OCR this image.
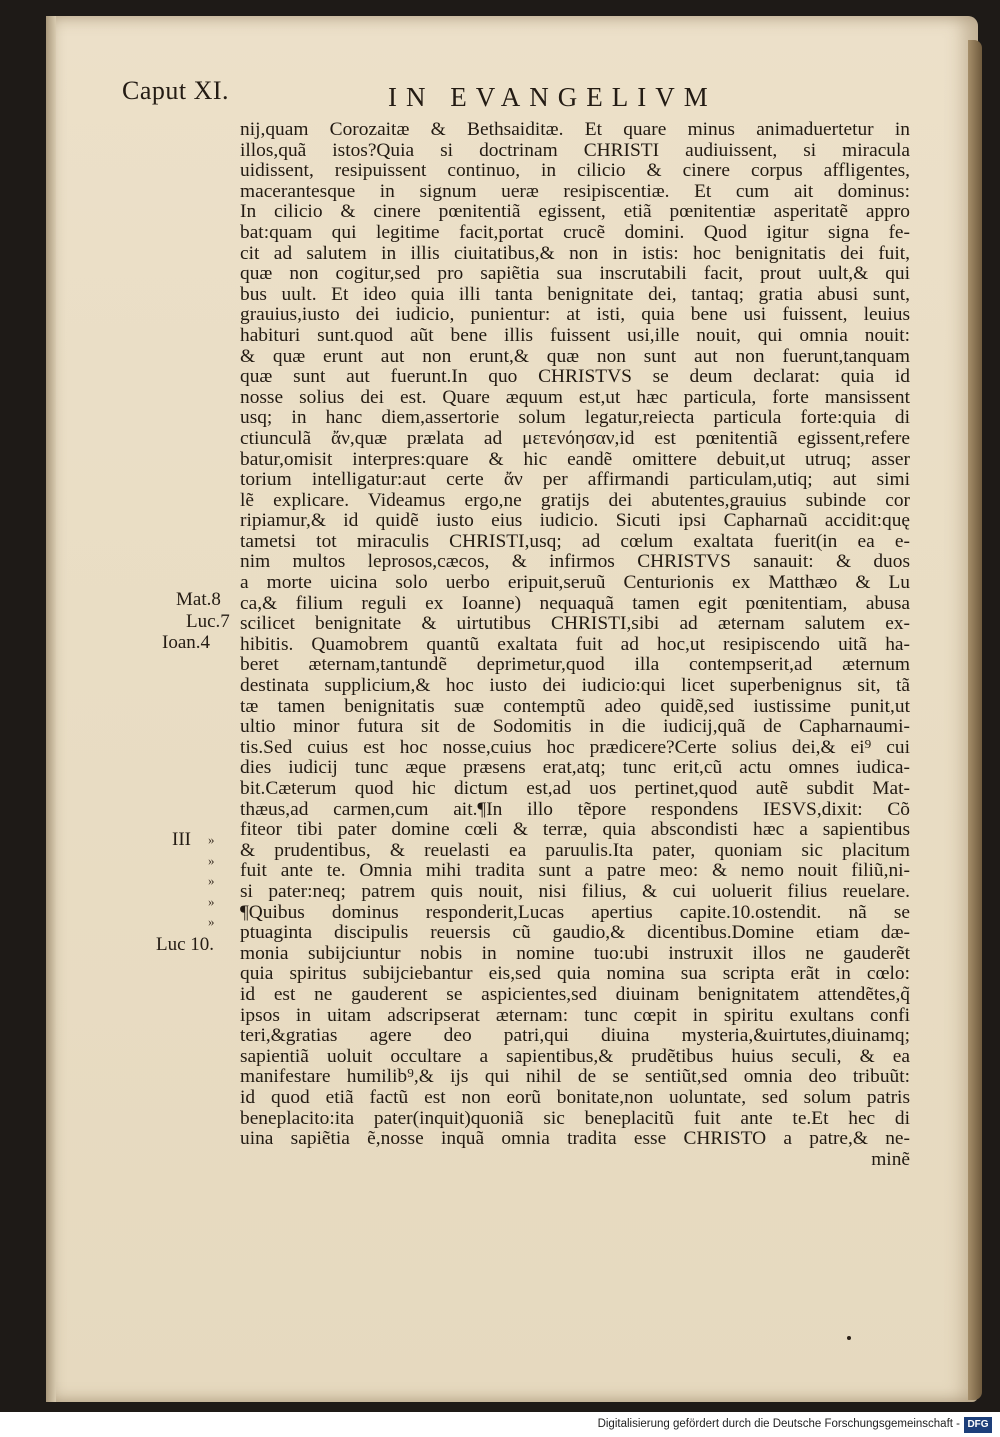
Caput XI.	IN EVANGELIVM
nij,quam Corozaitæ & Bethsaiditæ. Et quare minus animaduertetur in
illos,quã istos?Quia si doctrinam CHRISTI audiuissent, si miracula
uidissent, resipuissent continuo, in cilicio & cinere corpus affligentes,
macerantesque in signum ueræ resipiscentiæ. Et cum ait dominus:
In cilicio & cinere pœnitentiã egissent, etiã pœnitentiæ asperitatẽ appro
bat:quam qui legitime facit,portat crucẽ domini. Quod igitur signa fe-
cit ad salutem in illis ciuitatibus,& non in istis: hoc benignitatis dei fuit,
quæ non cogitur,sed pro sapiẽtia sua inscrutabili facit, prout uult,& qui
bus uult. Et ideo quia illi tanta benignitate dei, tantaq; gratia abusi sunt,
grauius,iusto dei iudicio, punientur: at isti, quia bene usi fuissent, leuius
habituri sunt.quod aũt bene illis fuissent usi,ille nouit, qui omnia nouit:
& quæ erunt aut non erunt,& quæ non sunt aut non fuerunt,tanquam
quæ sunt aut fuerunt.In quo CHRISTVS se deum declarat: quia id
nosse solius dei est. Quare æquum est,ut hæc particula, forte mansissent
usq; in hanc diem,assertorie solum legatur,reiecta particula forte:quia di
ctiunculã ἄν,quæ prælata ad μετενόησαν,id est pœnitentiã egissent,refere
batur,omisit interpres:quare & hic eandẽ omittere debuit,ut utruq; asser
torium intelligatur:aut certe ἄν per affirmandi particulam,utiq; aut simi
lẽ explicare. Videamus ergo,ne gratijs dei abutentes,grauius subinde cor
ripiamur,& id quidẽ iusto eius iudicio. Sicuti ipsi Capharnaũ accidit:quę
tametsi tot miraculis CHRISTI,usq; ad cœlum exaltata fuerit(in ea e-
nim multos leprosos,cæcos, & infirmos CHRISTVS sanauit: & duos
a morte uicina solo uerbo eripuit,seruũ Centurionis ex Matthæo & Lu
ca,& filium reguli ex Ioanne) nequaquã tamen egit pœnitentiam, abusa
scilicet benignitate & uirtutibus CHRISTI,sibi ad æternam salutem ex-
hibitis. Quamobrem quantũ exaltata fuit ad hoc,ut resipiscendo uitã ha-
beret æternam,tantundẽ deprimetur,quod illa contempserit,ad æternum
destinata supplicium,& hoc iusto dei iudicio:qui licet superbenignus sit, tã
tæ tamen benignitatis suæ contemptũ adeo quidẽ,sed iustissime punit,ut
ultio minor futura sit de Sodomitis in die iudicij,quã de Capharnaumi-
tis.Sed cuius est hoc nosse,cuius hoc prædicere?Certe solius dei,& ei⁹ cui
dies iudicij tunc æque præsens erat,atq; tunc erit,cũ actu omnes iudica-
bit.Cæterum quod hic dictum est,ad uos pertinet,quod autẽ subdit Mat-
thæus,ad carmen,cum ait.¶In illo tẽpore respondens IESVS,dixit: Cõ
fiteor tibi pater domine cœli & terræ, quia abscondisti hæc a sapientibus
& prudentibus, & reuelasti ea paruulis.Ita pater, quoniam sic placitum
fuit ante te. Omnia mihi tradita sunt a patre meo: & nemo nouit filiũ,ni-
si pater:neq; patrem quis nouit, nisi filius, & cui uoluerit filius reuelare.
¶Quibus dominus responderit,Lucas apertius capite.10.ostendit. nã se
ptuaginta discipulis reuersis cũ gaudio,& dicentibus.Domine etiam dæ-
monia subijciuntur nobis in nomine tuo:ubi instruxit illos ne gauderẽt
quia spiritus subijciebantur eis,sed quia nomina sua scripta erãt in cœlo:
id est ne gauderent se aspicientes,sed diuinam benignitatem attendẽtes,q̃
ipsos in uitam adscripserat æternam: tunc cœpit in spiritu exultans confi
teri,&gratias agere deo patri,qui diuina mysteria,&uirtutes,diuinamq;
sapientiã uoluit occultare a sapientibus,& prudẽtibus huius seculi, & ea
manifestare humilib⁹,& ijs qui nihil de se sentiũt,sed omnia deo tribuũt:
id quod etiã factũ est non eorũ bonitate,non uoluntate, sed solum patris
beneplacito:ita pater(inquit)quoniã sic beneplacitũ fuit ante te.Et hec di
uina sapiẽtia ẽ,nosse inquã omnia tradita esse CHRISTO a patre,& ne-
minẽ
Mat.8
Luc.7
Ioan.4
III
Luc 10.
»
»
»
»
»
Digitalisierung gefördert durch die Deutsche Forschungsgemeinschaft - DFG
